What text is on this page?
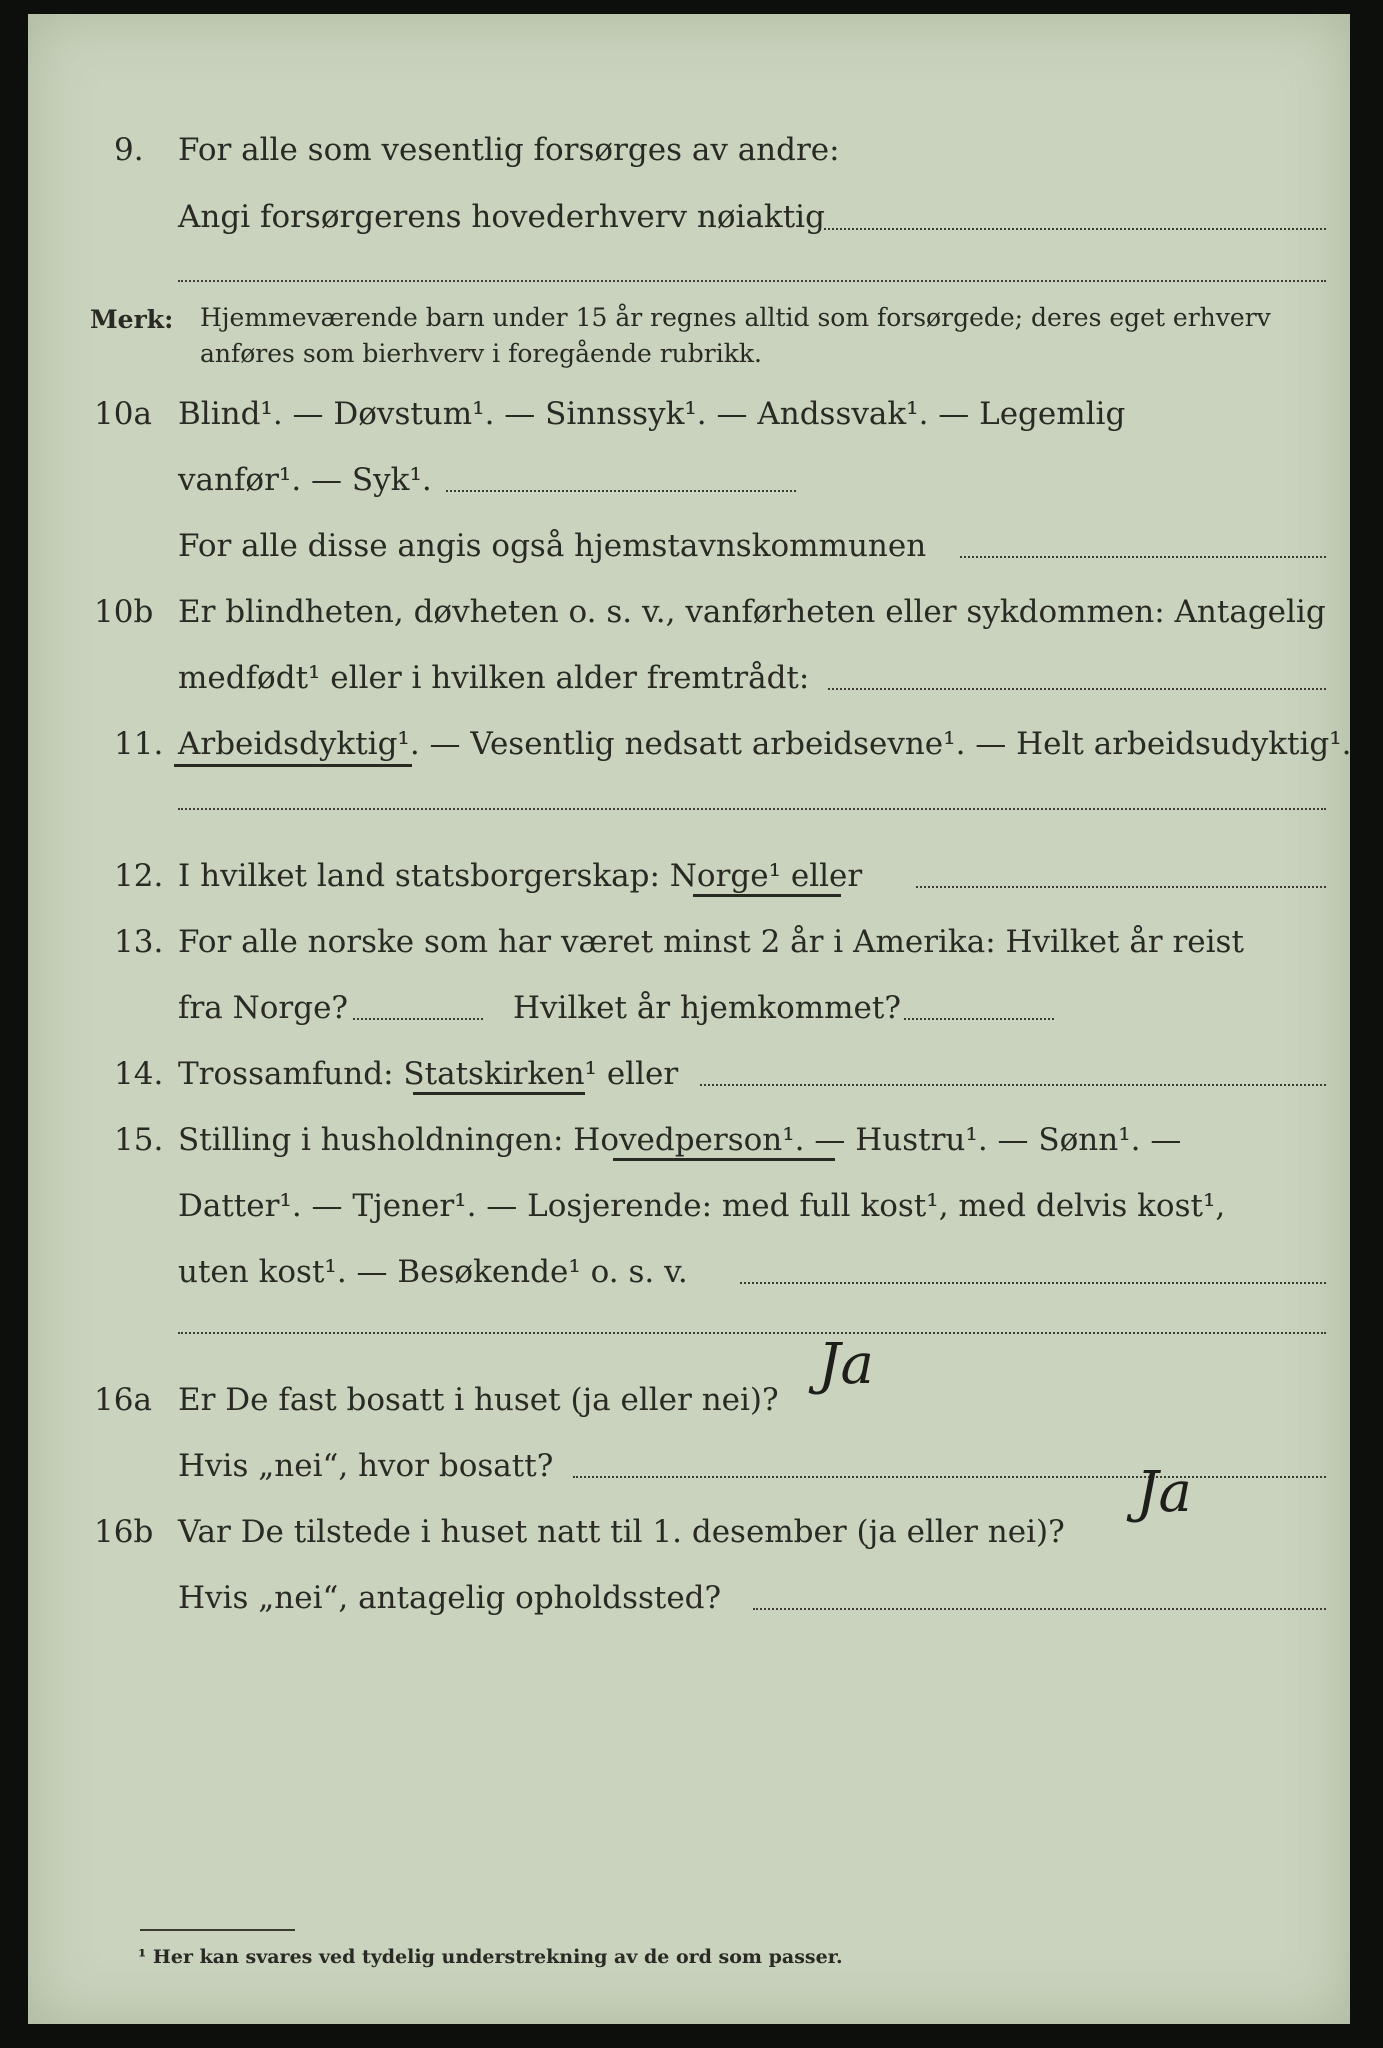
9. For alle som vesentlig forsørges av andre:
Angi forsørgerens hovederhverv nøiaktig
Merk: Hjemmeværende barn under 15 år regnes alltid som forsørgede; deres eget erhverv
anføres som bierhverv i foregående rubrikk.
10a Blind¹. — Døvstum¹. — Sinnssyk¹. — Andssvak¹. — Legemlig
vanfør¹. — Syk¹.
For alle disse angis også hjemstavnskommunen
10b Er blindheten, døvheten o. s. v., vanførheten eller sykdommen: Antagelig
medfødt¹ eller i hvilken alder fremtrådt:
11. Arbeidsdyktig¹. — Vesentlig nedsatt arbeidsevne¹. — Helt arbeidsudyktig¹.
12. I hvilket land statsborgerskap: Norge¹ eller
13. For alle norske som har været minst 2 år i Amerika: Hvilket år reist
fra Norge?	Hvilket år hjemkommet?
14. Trossamfund: Statskirken¹ eller
15. Stilling i husholdningen: Hovedperson¹. — Hustru¹. — Sønn¹. —
Datter¹. — Tjener¹. — Losjerende: med full kost¹, med delvis kost¹,
uten kost¹. — Besøkende¹ o. s. v.
16a Er De fast bosatt i huset (ja eller nei)?
Ja
Hvis „nei“, hvor bosatt?
16b Var De tilstede i huset natt til 1. desember (ja eller nei)?
Ja
Hvis „nei“, antagelig opholdssted?
¹ Her kan svares ved tydelig understrekning av de ord som passer.
